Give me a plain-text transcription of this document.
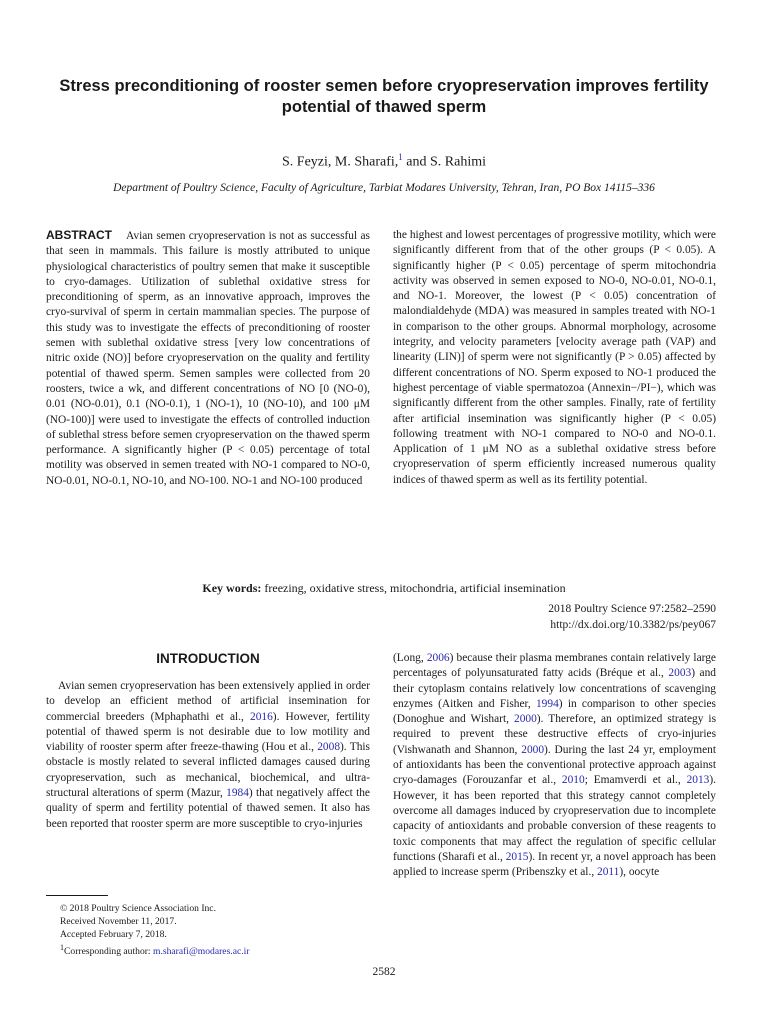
Stress preconditioning of rooster semen before cryopreservation improves fertility potential of thawed sperm
S. Feyzi, M. Sharafi,$^1$ and S. Rahimi
Department of Poultry Science, Faculty of Agriculture, Tarbiat Modares University, Tehran, Iran, PO Box 14115–336
ABSTRACT Avian semen cryopreservation is not as successful as that seen in mammals. This failure is mostly attributed to unique physiological characteristics of poultry semen that make it susceptible to cryo-damages. Utilization of sublethal oxidative stress for preconditioning of sperm, as an innovative approach, improves the cryo-survival of sperm in certain mammalian species. The purpose of this study was to investigate the effects of preconditioning of rooster semen with sublethal oxidative stress [very low concentrations of nitric oxide (NO)] before cryopreservation on the quality and fertility potential of thawed sperm. Semen samples were collected from 20 roosters, twice a wk, and different concentrations of NO [0 (NO-0), 0.01 (NO-0.01), 0.1 (NO-0.1), 1 (NO-1), 10 (NO-10), and 100 μM (NO-100)] were used to investigate the effects of controlled induction of sublethal stress before semen cryopreservation on the thawed sperm performance. A significantly higher (P < 0.05) percentage of total motility was observed in semen treated with NO-1 compared to NO-0, NO-0.01, NO-0.1, NO-10, and NO-100. NO-1 and NO-100 produced
the highest and lowest percentages of progressive motility, which were significantly different from that of the other groups (P < 0.05). A significantly higher (P < 0.05) percentage of sperm mitochondria activity was observed in semen exposed to NO-0, NO-0.01, NO-0.1, and NO-1. Moreover, the lowest (P < 0.05) concentration of malondialdehyde (MDA) was measured in samples treated with NO-1 in comparison to the other groups. Abnormal morphology, acrosome integrity, and velocity parameters [velocity average path (VAP) and linearity (LIN)] of sperm were not significantly (P > 0.05) affected by different concentrations of NO. Sperm exposed to NO-1 produced the highest percentage of viable spermatozoa (Annexin−/PI−), which was significantly different from the other samples. Finally, rate of fertility after artificial insemination was significantly higher (P < 0.05) following treatment with NO-1 compared to NO-0 and NO-0.1. Application of 1 μM NO as a sublethal oxidative stress before cryopreservation of sperm efficiently increased numerous quality indices of thawed sperm as well as its fertility potential.
Key words: freezing, oxidative stress, mitochondria, artificial insemination
2018 Poultry Science 97:2582–2590
http://dx.doi.org/10.3382/ps/pey067
INTRODUCTION
Avian semen cryopreservation has been extensively applied in order to develop an efficient method of artificial insemination for commercial breeders (Mphaphathi et al., 2016). However, fertility potential of thawed sperm is not desirable due to low motility and viability of rooster sperm after freeze-thawing (Hou et al., 2008). This obstacle is mostly related to several inflicted damages caused during cryopreservation, such as mechanical, biochemical, and ultra-structural alterations of sperm (Mazur, 1984) that negatively affect the quality of sperm and fertility potential of thawed semen. It also has been reported that rooster sperm are more susceptible to cryo-injuries
(Long, 2006) because their plasma membranes contain relatively large percentages of polyunsaturated fatty acids (Bréque et al., 2003) and their cytoplasm contains relatively low concentrations of scavenging enzymes (Aitken and Fisher, 1994) in comparison to other species (Donoghue and Wishart, 2000). Therefore, an optimized strategy is required to prevent these destructive effects of cryo-injuries (Vishwanath and Shannon, 2000). During the last 24 yr, employment of antioxidants has been the conventional protective approach against cryo-damages (Forouzanfar et al., 2010; Emamverdi et al., 2013). However, it has been reported that this strategy cannot completely overcome all damages induced by cryopreservation due to incomplete capacity of antioxidants and probable conversion of these reagents to toxic components that may affect the regulation of specific cellular functions (Sharafi et al., 2015). In recent yr, a novel approach has been applied to increase sperm (Pribenszky et al., 2011), oocyte
© 2018 Poultry Science Association Inc.
Received November 11, 2017.
Accepted February 7, 2018.
$^1$Corresponding author: m.sharafi@modares.ac.ir
2582
